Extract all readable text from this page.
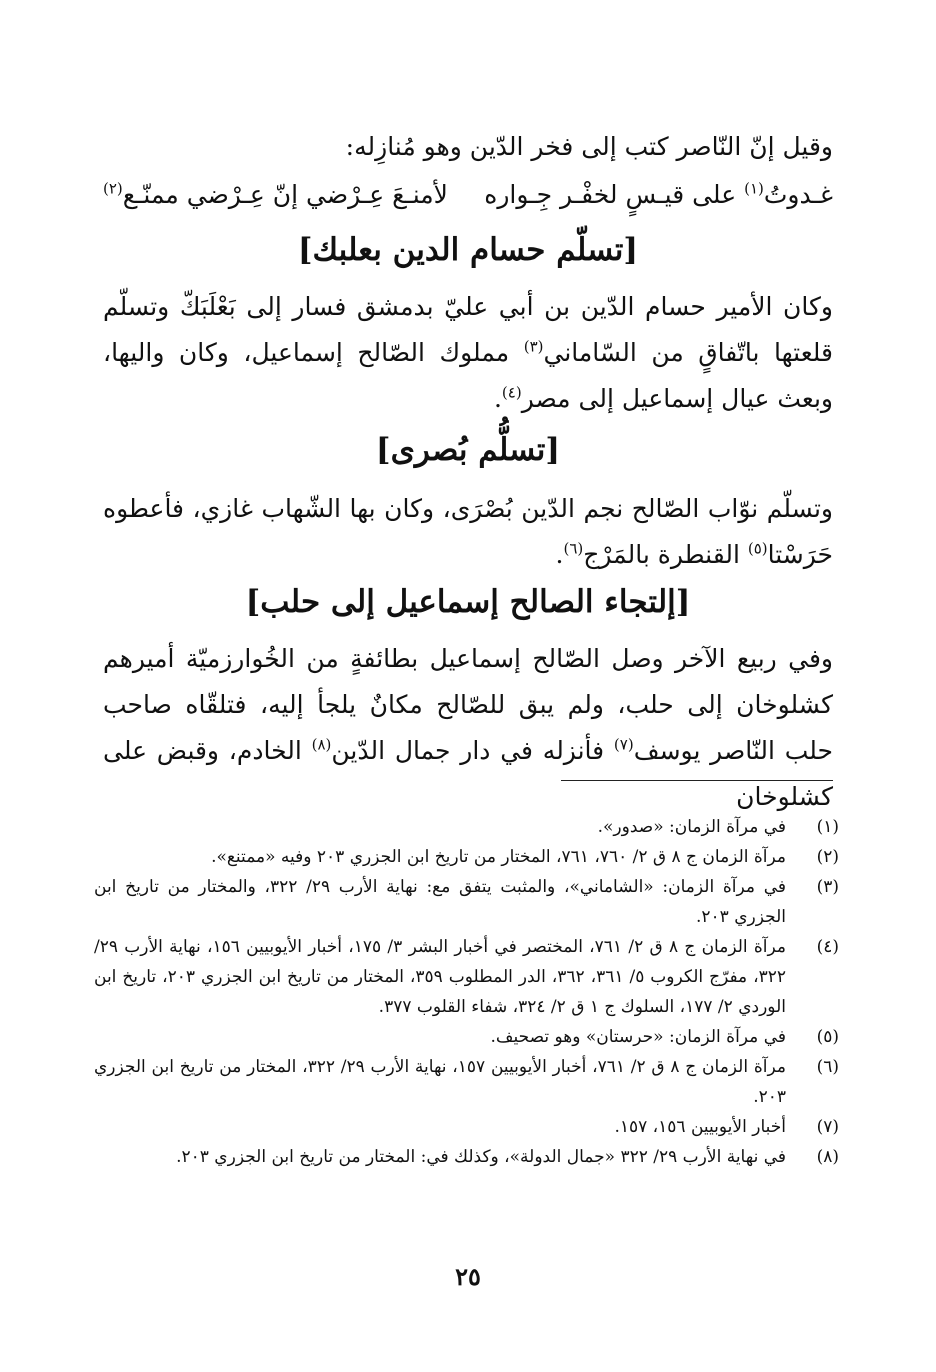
وقيل إنّ النّاصر كتب إلى فخر الدّين وهو مُنازِله:
غـدوتُ$^{(١)}$ على قيـسٍ لخفْـر جِـواره
لأمنـعَ عِـرْضي إنّ عِـرْضي ممنّـع$^{(٢)}$
[تسلّم حسام الدين بعلبك]
وكان الأمير حسام الدّين بن أبي عليّ بدمشق فسار إلى بَعْلَبَكّ وتسلّم قلعتها باتّفاقٍ من السّاماني$^{(٣)}$ مملوك الصّالح إسماعيل، وكان واليها، وبعث عيال إسماعيل إلى مصر$^{(٤)}$.
[تسلُّم بُصرى]
وتسلّم نوّاب الصّالح نجم الدّين بُصْرَى، وكان بها الشّهاب غازي، فأعطوه حَرَسْتا$^{(٥)}$ القنطرة بالمَرْج$^{(٦)}$.
[إلتجاء الصالح إسماعيل إلى حلب]
وفي ربيع الآخر وصل الصّالح إسماعيل بطائفةٍ من الخُوارزميّة أميرهم كشلوخان إلى حلب، ولم يبق للصّالح مكانٌ يلجأ إليه، فتلقّاه صاحب حلب النّاصر يوسف$^{(٧)}$ فأنزله في دار جمال الدّين$^{(٨)}$ الخادم، وقبض على كشلوخان
(١)
في مرآة الزمان: «صدور».
(٢)
مرآة الزمان ج ٨ ق ٢/ ٧٦٠، ٧٦١، المختار من تاريخ ابن الجزري ٢٠٣ وفيه «ممتنع».
(٣)
في مرآة الزمان: «الشاماني»، والمثبت يتفق مع: نهاية الأرب ٢٩/ ٣٢٢، والمختار من تاريخ ابن الجزري ٢٠٣.
(٤)
مرآة الزمان ج ٨ ق ٢/ ٧٦١، المختصر في أخبار البشر ٣/ ١٧٥، أخبار الأيوبيين ١٥٦، نهاية الأرب ٢٩/ ٣٢٢، مفرّج الكروب ٥/ ٣٦١، ٣٦٢، الدر المطلوب ٣٥٩، المختار من تاريخ ابن الجزري ٢٠٣، تاريخ ابن الوردي ٢/ ١٧٧، السلوك ج ١ ق ٢/ ٣٢٤، شفاء القلوب ٣٧٧.
(٥)
في مرآة الزمان: «حرستان» وهو تصحيف.
(٦)
مرآة الزمان ج ٨ ق ٢/ ٧٦١، أخبار الأيوبيين ١٥٧، نهاية الأرب ٢٩/ ٣٢٢، المختار من تاريخ ابن الجزري ٢٠٣.
(٧)
أخبار الأيوبيين ١٥٦، ١٥٧.
(٨)
في نهاية الأرب ٢٩/ ٣٢٢ «جمال الدولة»، وكذلك في: المختار من تاريخ ابن الجزري ٢٠٣.
٢٥
